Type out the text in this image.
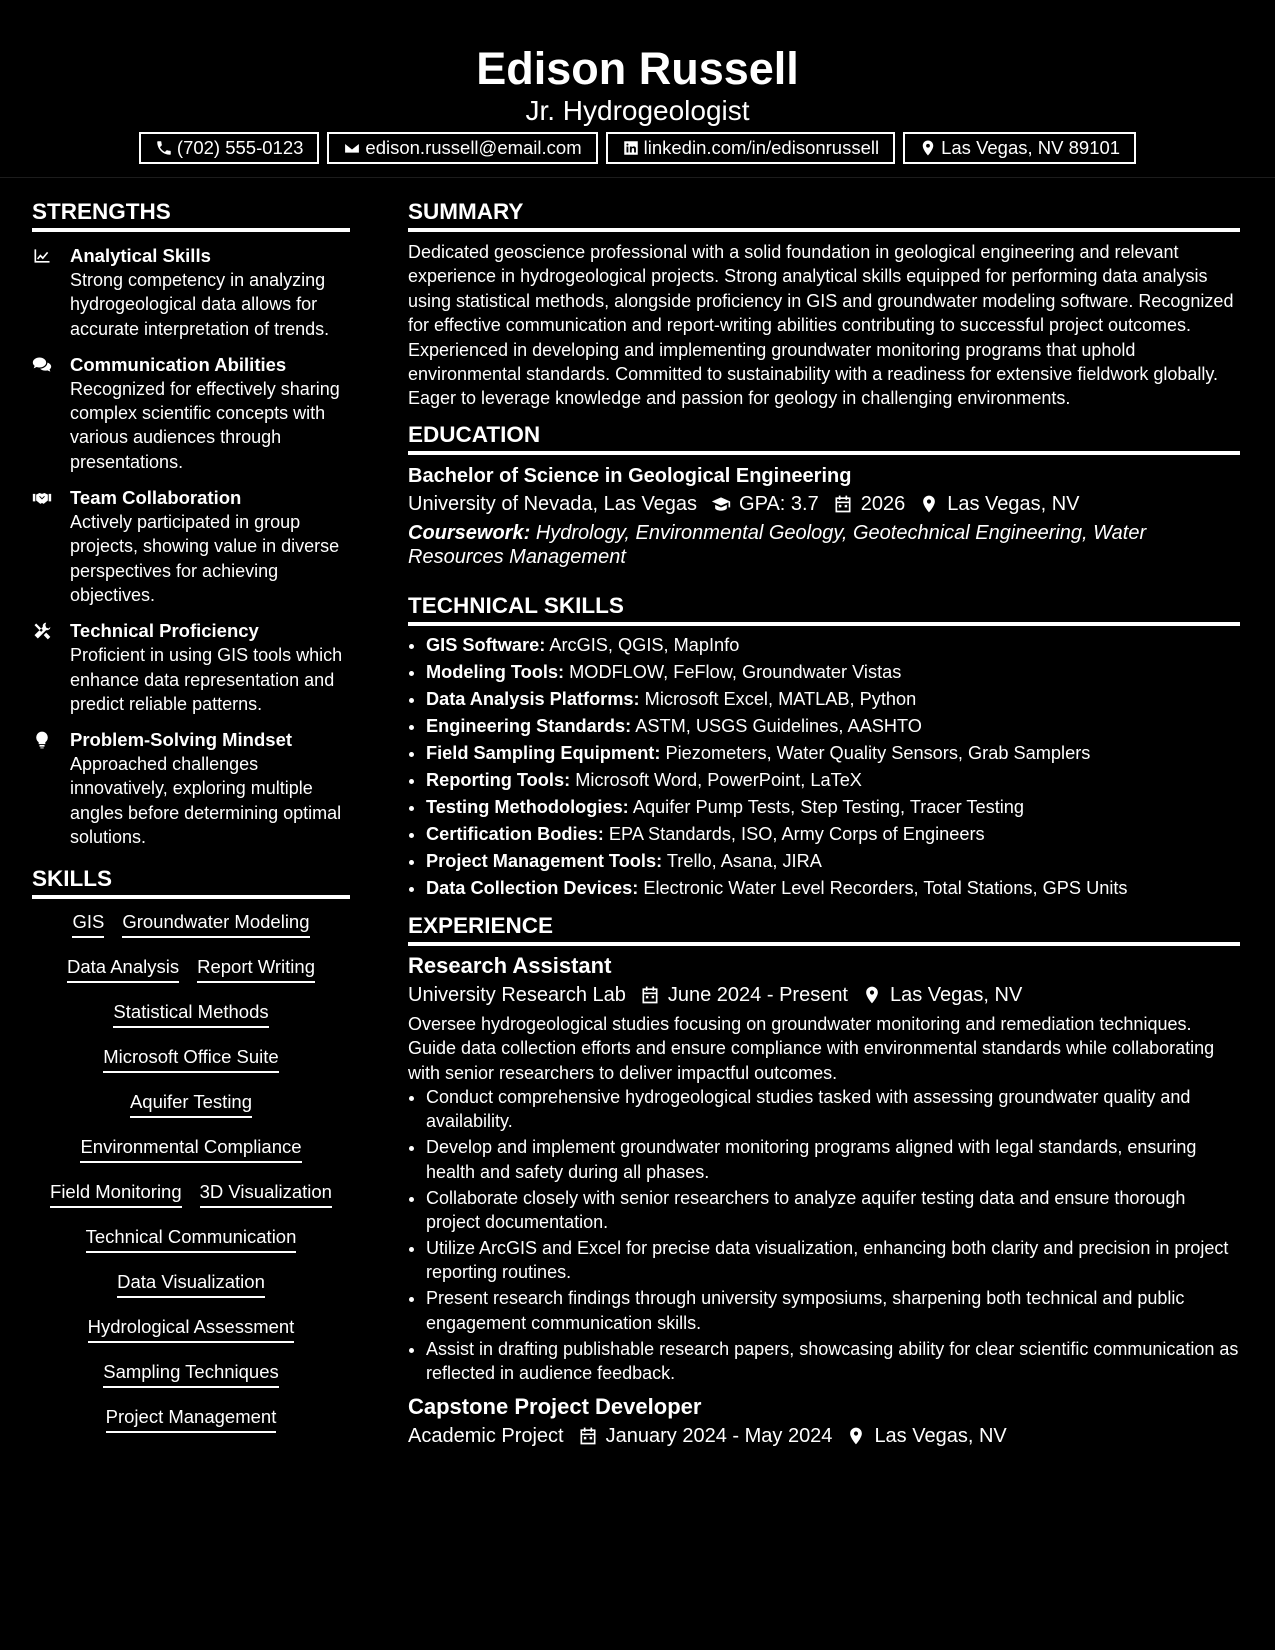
Edison Russell
Jr. Hydrogeologist
(702) 555-0123	edison.russell@email.com	linkedin.com/in/edisonrussell	Las Vegas, NV 89101
STRENGTHS
Analytical Skills
Strong competency in analyzing hydrogeological data allows for accurate interpretation of trends.
Communication Abilities
Recognized for effectively sharing complex scientific concepts with various audiences through presentations.
Team Collaboration
Actively participated in group projects, showing value in diverse perspectives for achieving objectives.
Technical Proficiency
Proficient in using GIS tools which enhance data representation and predict reliable patterns.
Problem-Solving Mindset
Approached challenges innovatively, exploring multiple angles before determining optimal solutions.
SKILLS
GIS Groundwater Modeling
Data Analysis Report Writing
Statistical Methods
Microsoft Office Suite
Aquifer Testing
Environmental Compliance
Field Monitoring 3D Visualization
Technical Communication
Data Visualization
Hydrological Assessment
Sampling Techniques
Project Management
SUMMARY

Dedicated geoscience professional with a solid foundation in geological engineering and relevant experience in hydrogeological projects. Strong analytical skills equipped for performing data analysis using statistical methods, alongside proficiency in GIS and groundwater modeling software. Recognized for effective communication and report-writing abilities contributing to successful project outcomes. Experienced in developing and implementing groundwater monitoring programs that uphold environmental standards. Committed to sustainability with a readiness for extensive fieldwork globally. Eager to leverage knowledge and passion for geology in challenging environments.

EDUCATION
Bachelor of Science in Geological Engineering
University of Nevada, Las Vegas GPA: 3.7 2026 Las Vegas, NV
Coursework: Hydrology, Environmental Geology, Geotechnical Engineering, Water Resources Management
TECHNICAL SKILLS
• GIS Software: ArcGIS, QGIS, MapInfo
• Modeling Tools: MODFLOW, FeFlow, Groundwater Vistas
• Data Analysis Platforms: Microsoft Excel, MATLAB, Python
• Engineering Standards: ASTM, USGS Guidelines, AASHTO
• Field Sampling Equipment: Piezometers, Water Quality Sensors, Grab Samplers
• Reporting Tools: Microsoft Word, PowerPoint, LaTeX
• Testing Methodologies: Aquifer Pump Tests, Step Testing, Tracer Testing
• Certification Bodies: EPA Standards, ISO, Army Corps of Engineers
• Project Management Tools: Trello, Asana, JIRA
• Data Collection Devices: Electronic Water Level Recorders, Total Stations, GPS Units
EXPERIENCE
Research Assistant
University Research Lab June 2024 - Present Las Vegas, NV
Oversee hydrogeological studies focusing on groundwater monitoring and remediation techniques. Guide data collection efforts and ensure compliance with environmental standards while collaborating with senior researchers to deliver impactful outcomes.
• Conduct comprehensive hydrogeological studies tasked with assessing groundwater quality and availability.
• Develop and implement groundwater monitoring programs aligned with legal standards, ensuring health and safety during all phases.
• Collaborate closely with senior researchers to analyze aquifer testing data and ensure thorough project documentation.
• Utilize ArcGIS and Excel for precise data visualization, enhancing both clarity and precision in project reporting routines.
• Present research findings through university symposiums, sharpening both technical and public engagement communication skills.
• Assist in drafting publishable research papers, showcasing ability for clear scientific communication as reflected in audience feedback.
Capstone Project Developer
Academic Project January 2024 - May 2024 Las Vegas, NV
